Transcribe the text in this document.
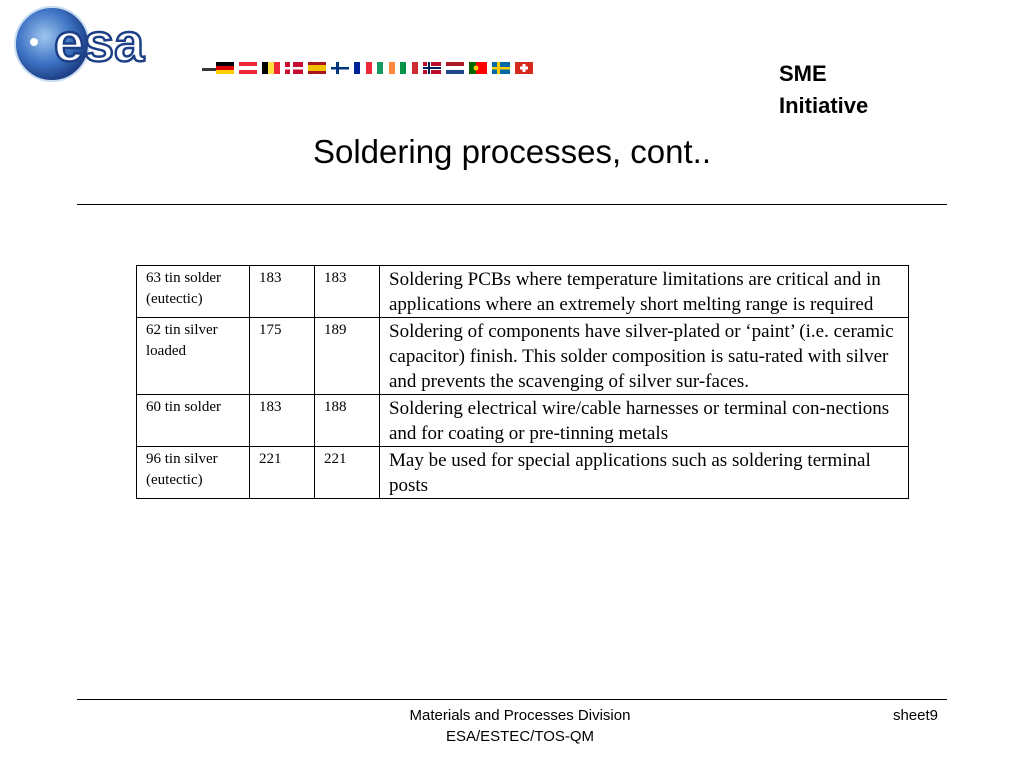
esa
SME
Initiative
Soldering processes, cont..
63 tin solder (eutectic)	183	183	Soldering PCBs where temperature limitations are critical and in applications where an extremely short melting range is required
62 tin silver loaded	175	189	Soldering of components have silver-plated or ‘paint’ (i.e. ceramic capacitor) finish. This solder composition is satu-rated with silver and prevents the scavenging of silver sur-faces.
60 tin solder	183	188	Soldering electrical wire/cable harnesses or terminal con-nections and for coating or pre-tinning metals
96 tin silver (eutectic)	221	221	May be used for special applications such as soldering terminal posts
Materials and Processes Division
ESA/ESTEC/TOS-QM
sheet9
